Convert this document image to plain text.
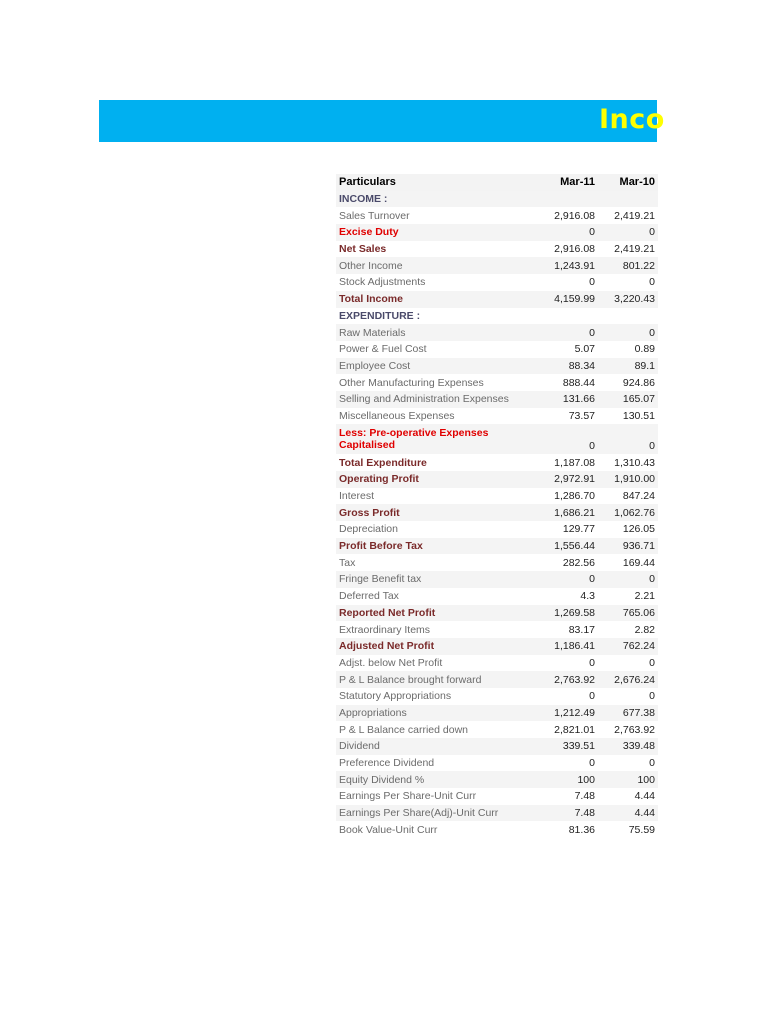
Inco
Particulars	Mar-11	Mar-10
INCOME :		
Sales Turnover	2,916.08	2,419.21
Excise Duty	0	0
Net Sales	2,916.08	2,419.21
Other Income	1,243.91	801.22
Stock Adjustments	0	0
Total Income	4,159.99	3,220.43
EXPENDITURE :		
Raw Materials	0	0
Power & Fuel Cost	5.07	0.89
Employee Cost	88.34	89.1
Other Manufacturing Expenses	888.44	924.86
Selling and Administration Expenses	131.66	165.07
Miscellaneous Expenses	73.57	130.51
Less: Pre-operative Expenses Capitalised	0	0
Total Expenditure	1,187.08	1,310.43
Operating Profit	2,972.91	1,910.00
Interest	1,286.70	847.24
Gross Profit	1,686.21	1,062.76
Depreciation	129.77	126.05
Profit Before Tax	1,556.44	936.71
Tax	282.56	169.44
Fringe Benefit tax	0	0
Deferred Tax	4.3	2.21
Reported Net Profit	1,269.58	765.06
Extraordinary Items	83.17	2.82
Adjusted Net Profit	1,186.41	762.24
Adjst. below Net Profit	0	0
P & L Balance brought forward	2,763.92	2,676.24
Statutory Appropriations	0	0
Appropriations	1,212.49	677.38
P & L Balance carried down	2,821.01	2,763.92
Dividend	339.51	339.48
Preference Dividend	0	0
Equity Dividend %	100	100
Earnings Per Share-Unit Curr	7.48	4.44
Earnings Per Share(Adj)-Unit Curr	7.48	4.44
Book Value-Unit Curr	81.36	75.59
